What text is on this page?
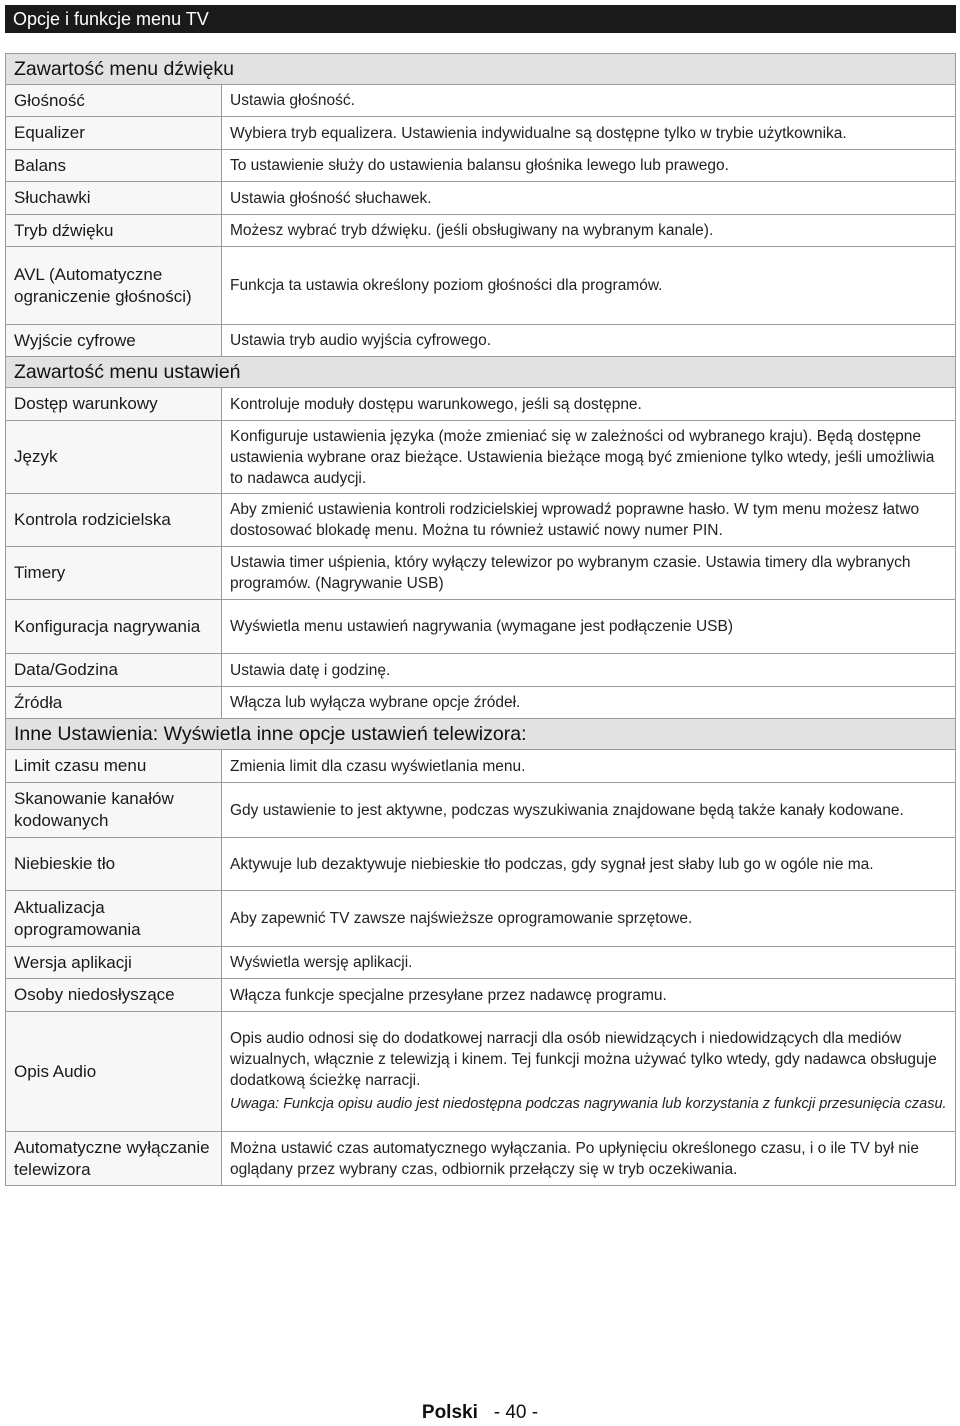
Opcje i funkcje menu TV
Zawartość menu dźwięku	
Głośność	Ustawia głośność.
Equalizer	Wybiera tryb equalizera. Ustawienia indywidualne są dostępne tylko w trybie użytkownika.
Balans	To ustawienie służy do ustawienia balansu głośnika lewego lub prawego.
Słuchawki	Ustawia głośność słuchawek.
Tryb dźwięku	Możesz wybrać tryb dźwięku. (jeśli obsługiwany na wybranym kanale).
AVL (Automatyczne ograniczenie głośności)	Funkcja ta ustawia określony poziom głośności dla programów.
Wyjście cyfrowe	Ustawia tryb audio wyjścia cyfrowego.
Zawartość menu ustawień	
Dostęp warunkowy	Kontroluje moduły dostępu warunkowego, jeśli są dostępne.
Język	Konfiguruje ustawienia języka (może zmieniać się w zależności od wybranego kraju). Będą dostępne ustawienia wybrane oraz bieżące. Ustawienia bieżące mogą być zmienione tylko wtedy, jeśli umożliwia to nadawca audycji.
Kontrola rodzicielska	Aby zmienić ustawienia kontroli rodzicielskiej wprowadź poprawne hasło. W tym menu możesz łatwo dostosować blokadę menu. Można tu również ustawić nowy numer PIN.
Timery	Ustawia timer uśpienia, który wyłączy telewizor po wybranym czasie. Ustawia timery dla wybranych programów. (Nagrywanie USB)
Konfiguracja nagrywania	Wyświetla menu ustawień nagrywania (wymagane jest podłączenie USB)
Data/Godzina	Ustawia datę i godzinę.
Źródła	Włącza lub wyłącza wybrane opcje źródeł.
Inne Ustawienia: Wyświetla inne opcje ustawień telewizora:	
Limit czasu menu	Zmienia limit dla czasu wyświetlania menu.
Skanowanie kanałów kodowanych	Gdy ustawienie to jest aktywne, podczas wyszukiwania znajdowane będą także kanały kodowane.
Niebieskie tło	Aktywuje lub dezaktywuje niebieskie tło podczas, gdy sygnał jest słaby lub go w ogóle nie ma.
Aktualizacja oprogramowania	Aby zapewnić TV zawsze najświeższe oprogramowanie sprzętowe.
Wersja aplikacji	Wyświetla wersję aplikacji.
Osoby niedosłyszące	Włącza funkcje specjalne przesyłane przez nadawcę programu.
Opis Audio	Opis audio odnosi się do dodatkowej narracji dla osób niewidzących i niedowidzących dla mediów wizualnych, włącznie z telewizją i kinem. Tej funkcji można używać tylko wtedy, gdy nadawca obsługuje dodatkową ścieżkę narracji.
Uwaga: Funkcja opisu audio jest niedostępna podczas nagrywania lub korzystania z funkcji przesunięcia czasu.

Automatyczne wyłączanie telewizora	Można ustawić czas automatycznego wyłączania. Po upłynięciu określonego czasu, i o ile TV był nie oglądany przez wybrany czas, odbiornik przełączy się w tryb oczekiwania.
Polski - 40 -
